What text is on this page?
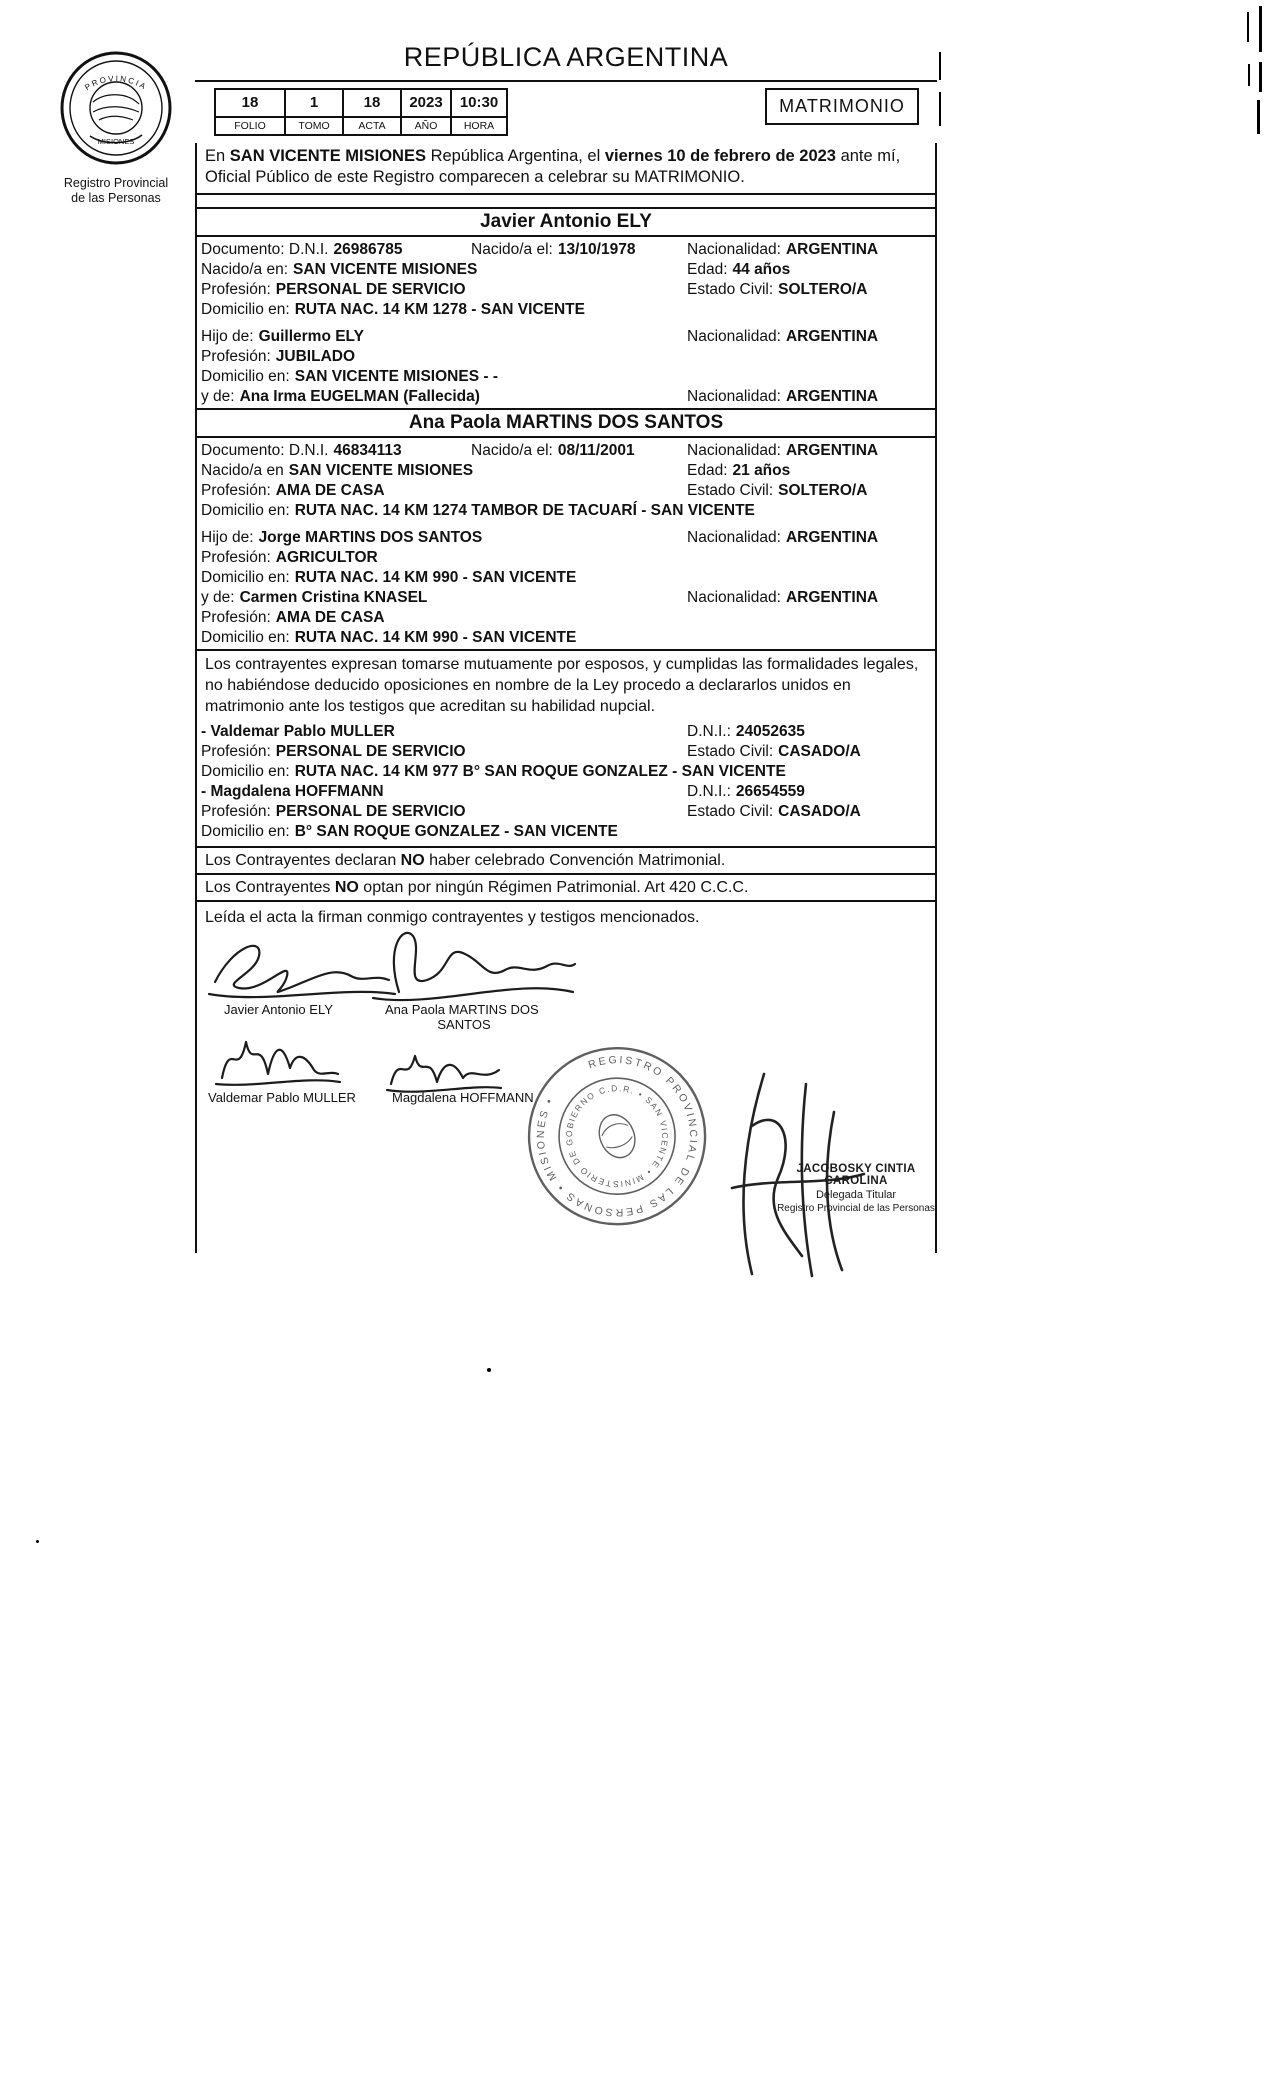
PROVINCIA
MISIONES
Registro Provincial
de las Personas
REPÚBLICA ARGENTINA
18	1	18	2023	10:30
FOLIO	TOMO	ACTA	AÑO	HORA
MATRIMONIO
En SAN VICENTE MISIONES República Argentina, el viernes 10 de febrero de 2023 ante mí,
Oficial Público de este Registro comparecen a celebrar su MATRIMONIO.
Javier Antonio ELY
Documento: D.N.I. 26986785	Nacido/a el: 13/10/1978	Nacionalidad: ARGENTINA
Nacido/a en: SAN VICENTE MISIONES	Edad: 44 años
Profesión: PERSONAL DE SERVICIO	Estado Civil: SOLTERO/A
Domicilio en: RUTA NAC. 14 KM 1278 - SAN VICENTE
Hijo de: Guillermo ELY	Nacionalidad: ARGENTINA
Profesión: JUBILADO
Domicilio en: SAN VICENTE MISIONES - -
y de: Ana Irma EUGELMAN (Fallecida)	Nacionalidad: ARGENTINA
Ana Paola MARTINS DOS SANTOS
Documento: D.N.I. 46834113	Nacido/a el: 08/11/2001	Nacionalidad: ARGENTINA
Nacido/a en SAN VICENTE MISIONES	Edad: 21 años
Profesión: AMA DE CASA	Estado Civil: SOLTERO/A
Domicilio en: RUTA NAC. 14 KM 1274 TAMBOR DE TACUARÍ - SAN VICENTE
Hijo de: Jorge MARTINS DOS SANTOS	Nacionalidad: ARGENTINA
Profesión: AGRICULTOR
Domicilio en: RUTA NAC. 14 KM 990 - SAN VICENTE
y de: Carmen Cristina KNASEL	Nacionalidad: ARGENTINA
Profesión: AMA DE CASA
Domicilio en: RUTA NAC. 14 KM 990 - SAN VICENTE
Los contrayentes expresan tomarse mutuamente por esposos, y cumplidas las formalidades legales, no habiéndose deducido oposiciones en nombre de la Ley procedo a declararlos unidos en matrimonio ante los testigos que acreditan su habilidad nupcial.
- Valdemar Pablo MULLER	D.N.I.: 24052635
Profesión: PERSONAL DE SERVICIO	Estado Civil: CASADO/A
Domicilio en: RUTA NAC. 14 KM 977 B° SAN ROQUE GONZALEZ - SAN VICENTE
- Magdalena HOFFMANN	D.N.I.: 26654559
Profesión: PERSONAL DE SERVICIO	Estado Civil: CASADO/A
Domicilio en: B° SAN ROQUE GONZALEZ - SAN VICENTE
Los Contrayentes declaran NO haber celebrado Convención Matrimonial.
Los Contrayentes NO optan por ningún Régimen Patrimonial. Art 420 C.C.C.
Leída el acta la firman conmigo contrayentes y testigos mencionados.
Javier Antonio ELY	Ana Paola MARTINS DOS
SANTOS
Valdemar Pablo MULLER	Magdalena HOFFMANN
REGISTRO PROVINCIAL DE LAS PERSONAS • MISIONES •
C.D.R. • SAN VICENTE • MINISTERIO DE GOBIERNO
JACOBOSKY CINTIA CAROLINA
Delegada Titular
Registro Provincial de las Personas
